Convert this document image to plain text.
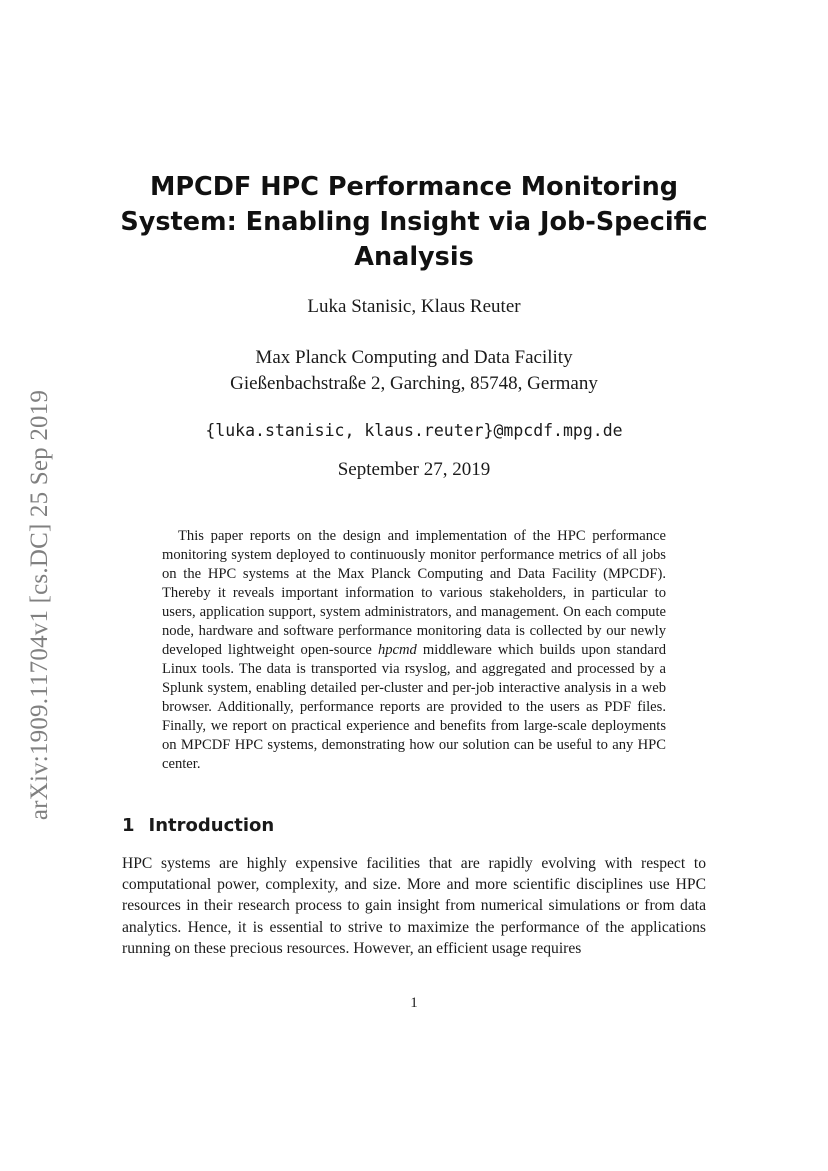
arXiv:1909.11704v1 [cs.DC] 25 Sep 2019
MPCDF HPC Performance Monitoring
System: Enabling Insight via Job-Specific
Analysis
Luka Stanisic, Klaus Reuter
Max Planck Computing and Data Facility
Gießenbachstraße 2, Garching, 85748, Germany
{luka.stanisic, klaus.reuter}@mpcdf.mpg.de
September 27, 2019

This paper reports on the design and implementation of the HPC performance monitoring system deployed to continuously monitor performance metrics of all jobs on the HPC systems at the Max Planck Computing and Data Facility (MPCDF). Thereby it reveals important information to various stakeholders, in particular to users, application support, system administrators, and management. On each compute node, hardware and software performance monitoring data is collected by our newly developed lightweight open-source hpcmd middleware which builds upon standard Linux tools. The data is transported via rsyslog, and aggregated and processed by a Splunk system, enabling detailed per-cluster and per-job interactive analysis in a web browser. Additionally, performance reports are provided to the users as PDF files. Finally, we report on practical experience and benefits from large-scale deployments on MPCDF HPC systems, demonstrating how our solution can be useful to any HPC center.

1 Introduction

HPC systems are highly expensive facilities that are rapidly evolving with respect to computational power, complexity, and size. More and more scientific disciplines use HPC resources in their research process to gain insight from numerical simulations or from data analytics. Hence, it is essential to strive to maximize the performance of the applications running on these precious resources. However, an efficient usage requires

1
